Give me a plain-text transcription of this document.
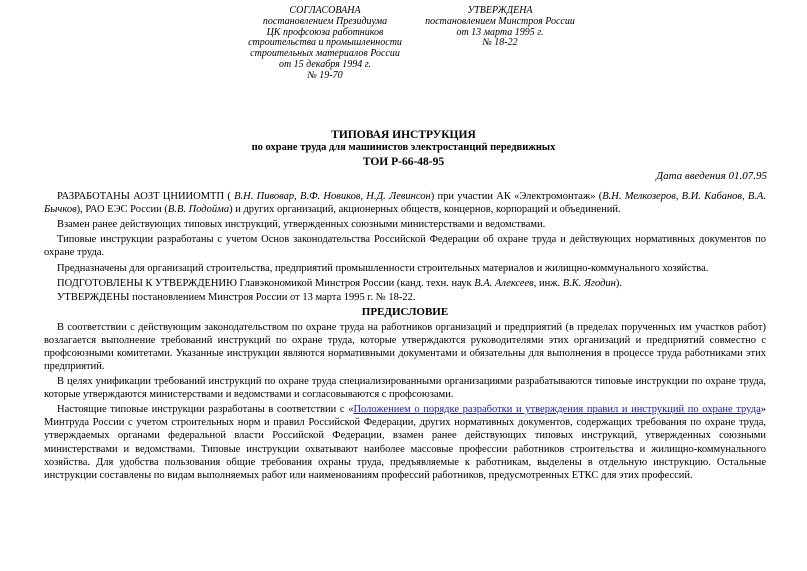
СОГЛАСОВАНА
постановлением Президиума
ЦК профсоюза работников
строительства и промышленности
строительных материалов России
от 15 декабря 1994 г.
№ 19-70
УТВЕРЖДЕНА
постановлением Минстроя России
от 13 марта 1995 г.
№ 18-22
ТИПОВАЯ ИНСТРУКЦИЯ
по охране труда для машинистов электростанций передвижных
ТОИ Р-66-48-95
Дата введения 01.07.95

РАЗРАБОТАНЫ АОЗТ ЦНИИОМТП ( В.Н. Пивовар, В.Ф. Новиков, Н.Д. Левинсон) при участии АК «Электромонтаж» (В.Н. Мелкозеров, В.И. Кабанов, В.А. Бычков), РАО ЕЭС России (В.В. Подойма) и других организаций, акционерных обществ, концернов, корпораций и объединений.

Взамен ранее действующих типовых инструкций, утвержденных союзными министерствами и ведомствами.

Типовые инструкции разработаны с учетом Основ законодательства Российской Федерации об охране труда и действующих нормативных документов по охране труда.

Предназначены для организаций строительства, предприятий промышленности строительных материалов и жилищно-коммунального хозяйства.

ПОДГОТОВЛЕНЫ К УТВЕРЖДЕНИЮ Главэкономикой Минстроя России (канд. техн. наук В.А. Алексеев, инж. В.К. Ягодин).

УТВЕРЖДЕНЫ постановлением Минстроя России от 13 марта 1995 г. № 18-22.

ПРЕДИСЛОВИЕ

В соответствии с действующим законодательством по охране труда на работников организаций и предприятий (в пределах порученных им участков работ) возлагается выполнение требований инструкций по охране труда, которые утверждаются руководителями этих организаций и предприятий совместно с профсоюзными комитетами. Указанные инструкции являются нормативными документами и обязательны для выполнения в процессе труда работниками этих предприятий.

В целях унификации требований инструкций по охране труда специализированными организациями разрабатываются типовые инструкции по охране труда, которые утверждаются министерствами и ведомствами и согласовываются с профсоюзами.

Настоящие типовые инструкции разработаны в соответствии с «Положением о порядке разработки и утверждения правил и инструкций по охране труда» Минтруда России с учетом строительных норм и правил Российской Федерации, других нормативных документов, содержащих требования по охране труда, утверждаемых органами федеральной власти Российской Федерации, взамен ранее действующих типовых инструкций, утвержденных союзными министерствами и ведомствами. Типовые инструкции охватывают наиболее массовые профессии работников строительства и жилищно-коммунального хозяйства. Для удобства пользования общие требования охраны труда, предъявляемые к работникам, выделены в отдельную инструкцию. Остальные инструкции составлены по видам выполняемых работ или наименованиям профессий работников, предусмотренных ЕТКС для этих профессий.
